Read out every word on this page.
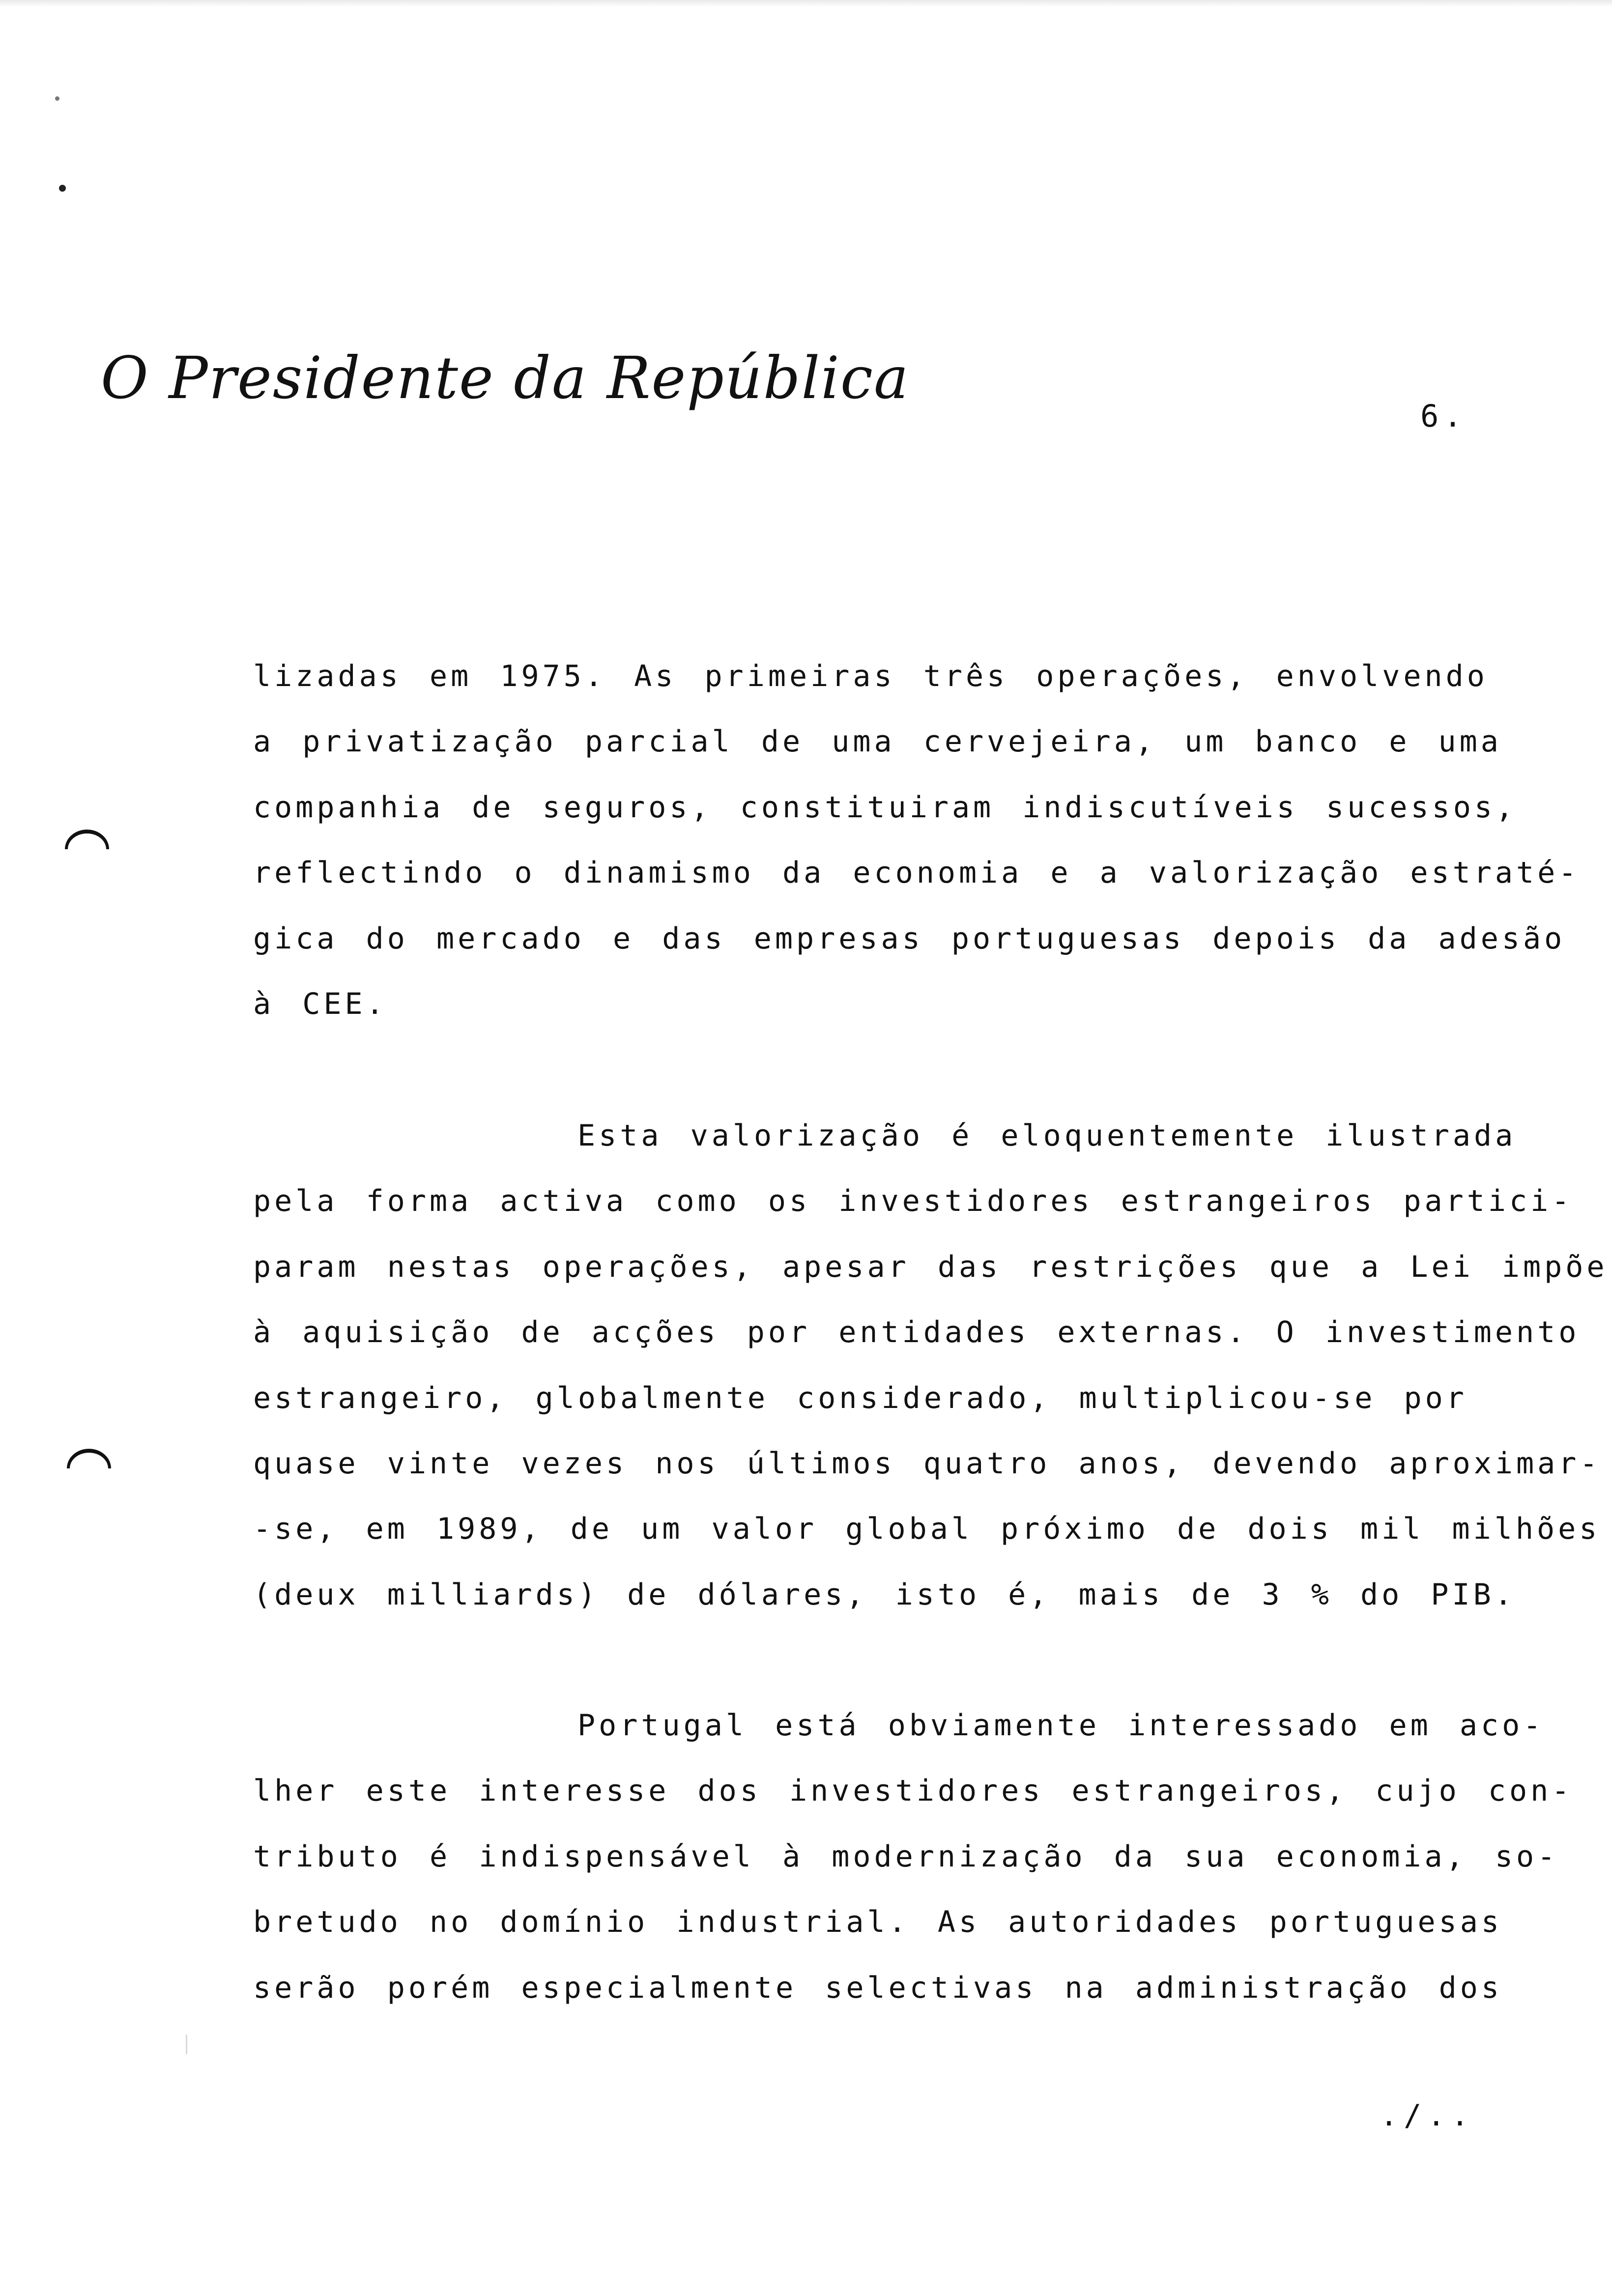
O Presidente da República
6.

lizadas em 1975. As primeiras três operações, envolvendo
a privatização parcial de uma cervejeira, um banco e uma
companhia de seguros, constituiram indiscutíveis sucessos,
reflectindo o dinamismo da economia e a valorização estraté-
gica do mercado e das empresas portuguesas depois da adesão
à CEE.

Esta valorização é eloquentemente ilustrada
pela forma activa como os investidores estrangeiros partici-
param nestas operações, apesar das restrições que a Lei impõe
à aquisição de acções por entidades externas. O investimento
estrangeiro, globalmente considerado, multiplicou-se por
quase vinte vezes nos últimos quatro anos, devendo aproximar-
-se, em 1989, de um valor global próximo de dois mil milhões
(deux milliards) de dólares, isto é, mais de 3 % do PIB.

Portugal está obviamente interessado em aco-
lher este interesse dos investidores estrangeiros, cujo con-
tributo é indispensável à modernização da sua economia, so-
bretudo no domínio industrial. As autoridades portuguesas
serão porém especialmente selectivas na administração dos

./..
